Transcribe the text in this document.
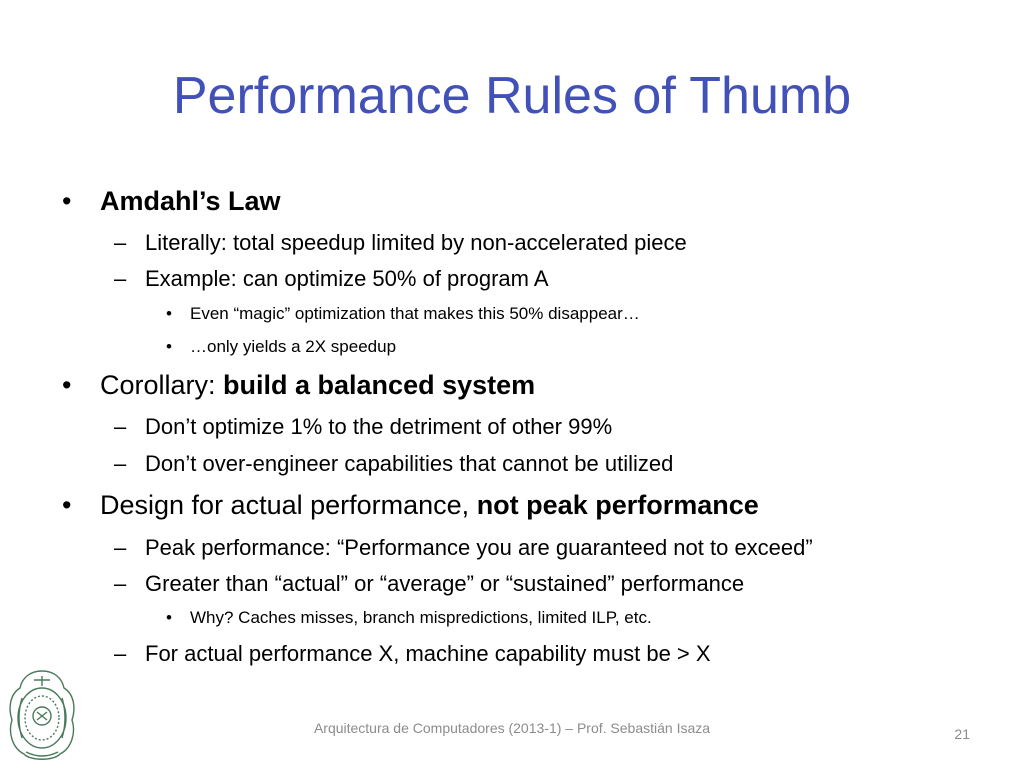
Performance Rules of Thumb
• Amdahl’s Law
– Literally: total speedup limited by non-accelerated piece
– Example: can optimize 50% of program A
• Even “magic” optimization that makes this 50% disappear…
• …only yields a 2X speedup
• Corollary: build a balanced system
– Don’t optimize 1% to the detriment of other 99%
– Don’t over-engineer capabilities that cannot be utilized
• Design for actual performance, not peak performance
– Peak performance: “Performance you are guaranteed not to exceed”
– Greater than “actual” or “average” or “sustained” performance
• Why? Caches misses, branch mispredictions, limited ILP, etc.
– For actual performance X, machine capability must be > X
Arquitectura de Computadores (2013-1) – Prof. Sebastián Isaza	21
